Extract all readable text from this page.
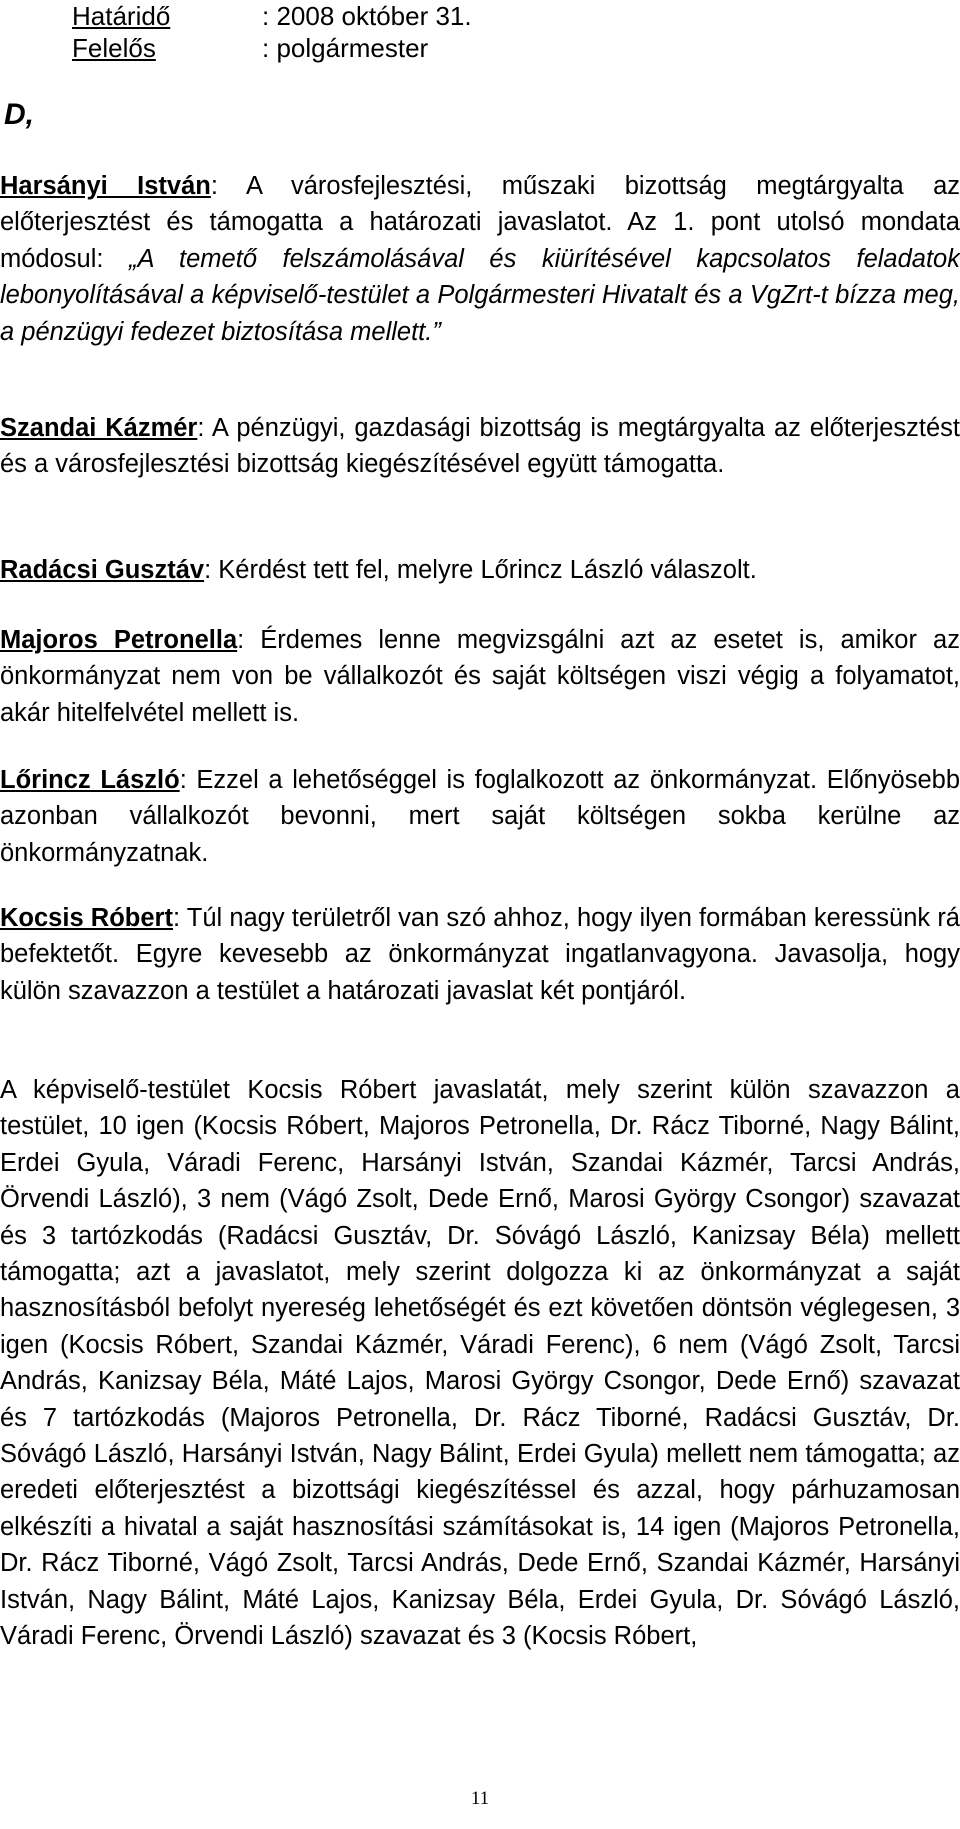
Határidő	: 2008 október 31.
Felelős	: polgármester
D,

Harsányi István: A városfejlesztési, műszaki bizottság megtárgyalta az előterjesztést és támogatta a határozati javaslatot. Az 1. pont utolsó mondata módosul: „A temető felszámolásával és kiürítésével kapcsolatos feladatok lebonyolításával a képviselő-testület a Polgármesteri Hivatalt és a VgZrt-t bízza meg, a pénzügyi fedezet biztosítása mellett.”

Szandai Kázmér: A pénzügyi, gazdasági bizottság is megtárgyalta az előterjesztést és a városfejlesztési bizottság kiegészítésével együtt támogatta.

Radácsi Gusztáv: Kérdést tett fel, melyre Lőrincz László válaszolt.

Majoros Petronella: Érdemes lenne megvizsgálni azt az esetet is, amikor az önkormányzat nem von be vállalkozót és saját költségen viszi végig a folyamatot, akár hitelfelvétel mellett is.

Lőrincz László: Ezzel a lehetőséggel is foglalkozott az önkormányzat. Előnyösebb azonban vállalkozót bevonni, mert saját költségen sokba kerülne az önkormányzatnak.

Kocsis Róbert: Túl nagy területről van szó ahhoz, hogy ilyen formában keressünk rá befektetőt. Egyre kevesebb az önkormányzat ingatlanvagyona. Javasolja, hogy külön szavazzon a testület a határozati javaslat két pontjáról.

A képviselő-testület Kocsis Róbert javaslatát, mely szerint külön szavazzon a testület, 10 igen (Kocsis Róbert, Majoros Petronella, Dr. Rácz Tiborné, Nagy Bálint, Erdei Gyula, Váradi Ferenc, Harsányi István, Szandai Kázmér, Tarcsi András, Örvendi László), 3 nem (Vágó Zsolt, Dede Ernő, Marosi György Csongor) szavazat és 3 tartózkodás (Radácsi Gusztáv, Dr. Sóvágó László, Kanizsay Béla) mellett támogatta; azt a javaslatot, mely szerint dolgozza ki az önkormányzat a saját hasznosításból befolyt nyereség lehetőségét és ezt követően döntsön véglegesen, 3 igen (Kocsis Róbert, Szandai Kázmér, Váradi Ferenc), 6 nem (Vágó Zsolt, Tarcsi András, Kanizsay Béla, Máté Lajos, Marosi György Csongor, Dede Ernő) szavazat és 7 tartózkodás (Majoros Petronella, Dr. Rácz Tiborné, Radácsi Gusztáv, Dr. Sóvágó László, Harsányi István, Nagy Bálint, Erdei Gyula) mellett nem támogatta; az eredeti előterjesztést a bizottsági kiegészítéssel és azzal, hogy párhuzamosan elkészíti a hivatal a saját hasznosítási számításokat is, 14 igen (Majoros Petronella, Dr. Rácz Tiborné, Vágó Zsolt, Tarcsi András, Dede Ernő, Szandai Kázmér, Harsányi István, Nagy Bálint, Máté Lajos, Kanizsay Béla, Erdei Gyula, Dr. Sóvágó László, Váradi Ferenc, Örvendi László) szavazat és 3 (Kocsis Róbert,

11
